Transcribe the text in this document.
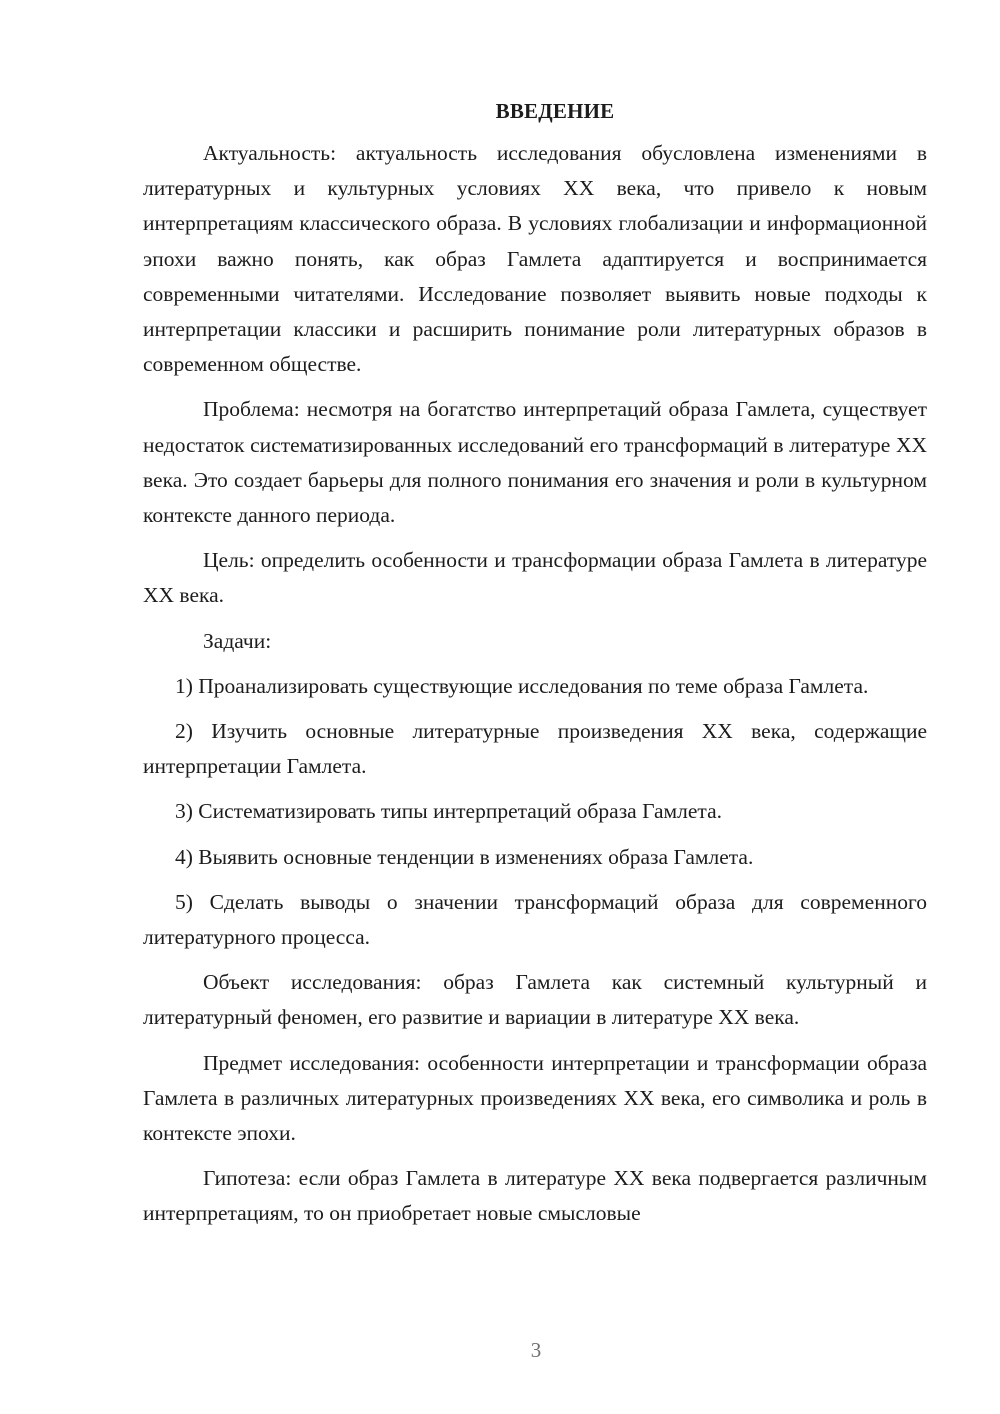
ВВЕДЕНИЕ

Актуальность: актуальность исследования обусловлена изменениями в литературных и культурных условиях XX века, что привело к новым интерпретациям классического образа. В условиях глобализации и информационной эпохи важно понять, как образ Гамлета адаптируется и воспринимается современными читателями. Исследование позволяет выявить новые подходы к интерпретации классики и расширить понимание роли литературных образов в современном обществе.

Проблема: несмотря на богатство интерпретаций образа Гамлета, существует недостаток систематизированных исследований его трансформаций в литературе XX века. Это создает барьеры для полного понимания его значения и роли в культурном контексте данного периода.

Цель: определить особенности и трансформации образа Гамлета в литературе XX века.

Задачи:

1) Проанализировать существующие исследования по теме образа Гамлета.

2) Изучить основные литературные произведения XX века, содержащие интерпретации Гамлета.

3) Систематизировать типы интерпретаций образа Гамлета.

4) Выявить основные тенденции в изменениях образа Гамлета.

5) Сделать выводы о значении трансформаций образа для современного литературного процесса.

Объект исследования: образ Гамлета как системный культурный и литературный феномен, его развитие и вариации в литературе XX века.

Предмет исследования: особенности интерпретации и трансформации образа Гамлета в различных литературных произведениях XX века, его символика и роль в контексте эпохи.

Гипотеза: если образ Гамлета в литературе XX века подвергается различным интерпретациям, то он приобретает новые смысловые

3
